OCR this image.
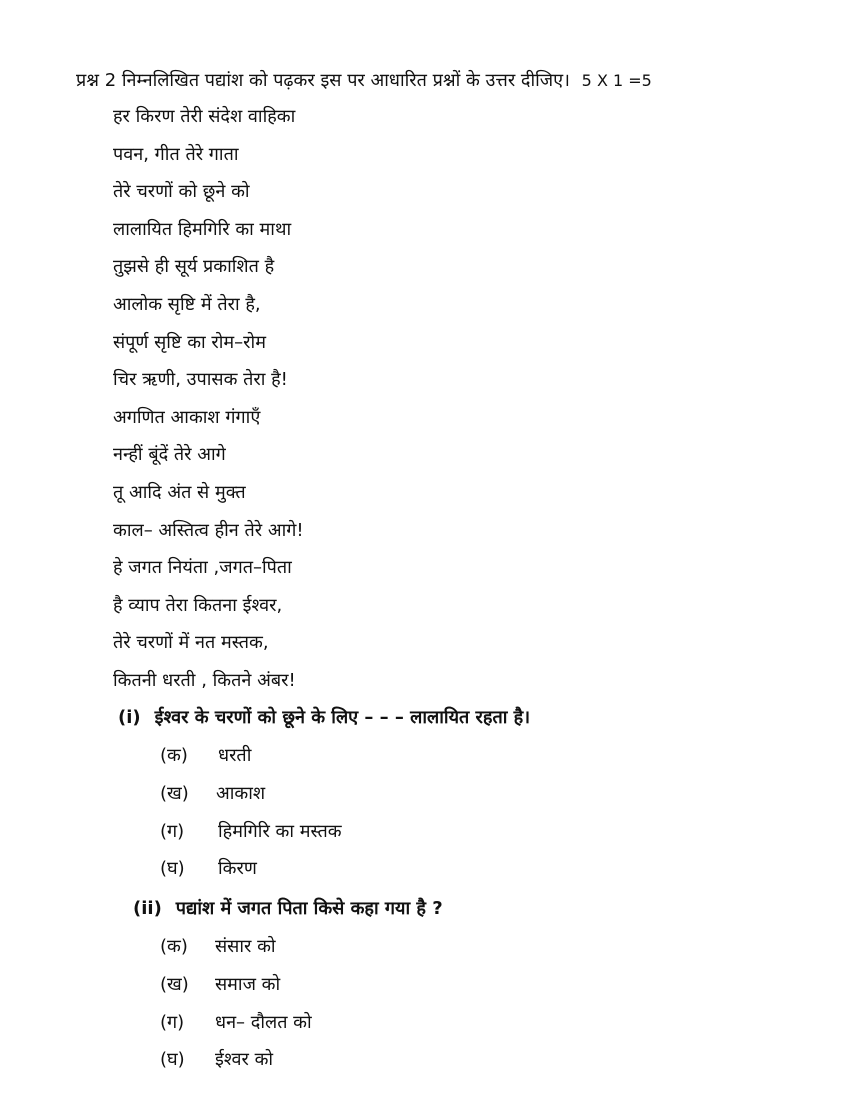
प्रश्न 2 निम्नलिखित पद्यांश को पढ़कर इस पर आधारित प्रश्नों के उत्तर दीजिए। 5 X 1 =5
हर किरण तेरी संदेश वाहिका
पवन, गीत तेरे गाता
तेरे चरणों को छूने को
लालायित हिमगिरि का माथा
तुझसे ही सूर्य प्रकाशित है
आलोक सृष्टि में तेरा है,
संपूर्ण सृष्टि का रोम–रोम
चिर ऋणी, उपासक तेरा है!
अगणित आकाश गंगाएँ
नन्हीं बूंदें तेरे आगे
तू आदि अंत से मुक्त
काल– अस्तित्व हीन तेरे आगे!
हे जगत नियंता ,जगत–पिता
है व्याप तेरा कितना ईश्वर,
तेरे चरणों में नत मस्तक,
कितनी धरती , कितने अंबर!
(i) ईश्वर के चरणों को छूने के लिए – – – लालायित रहता है।
(क) धरती
(ख) आकाश
(ग) हिमगिरि का मस्तक
(घ) किरण
(ii) पद्यांश में जगत पिता किसे कहा गया है ?
(क) संसार को
(ख) समाज को
(ग) धन– दौलत को
(घ) ईश्वर को
